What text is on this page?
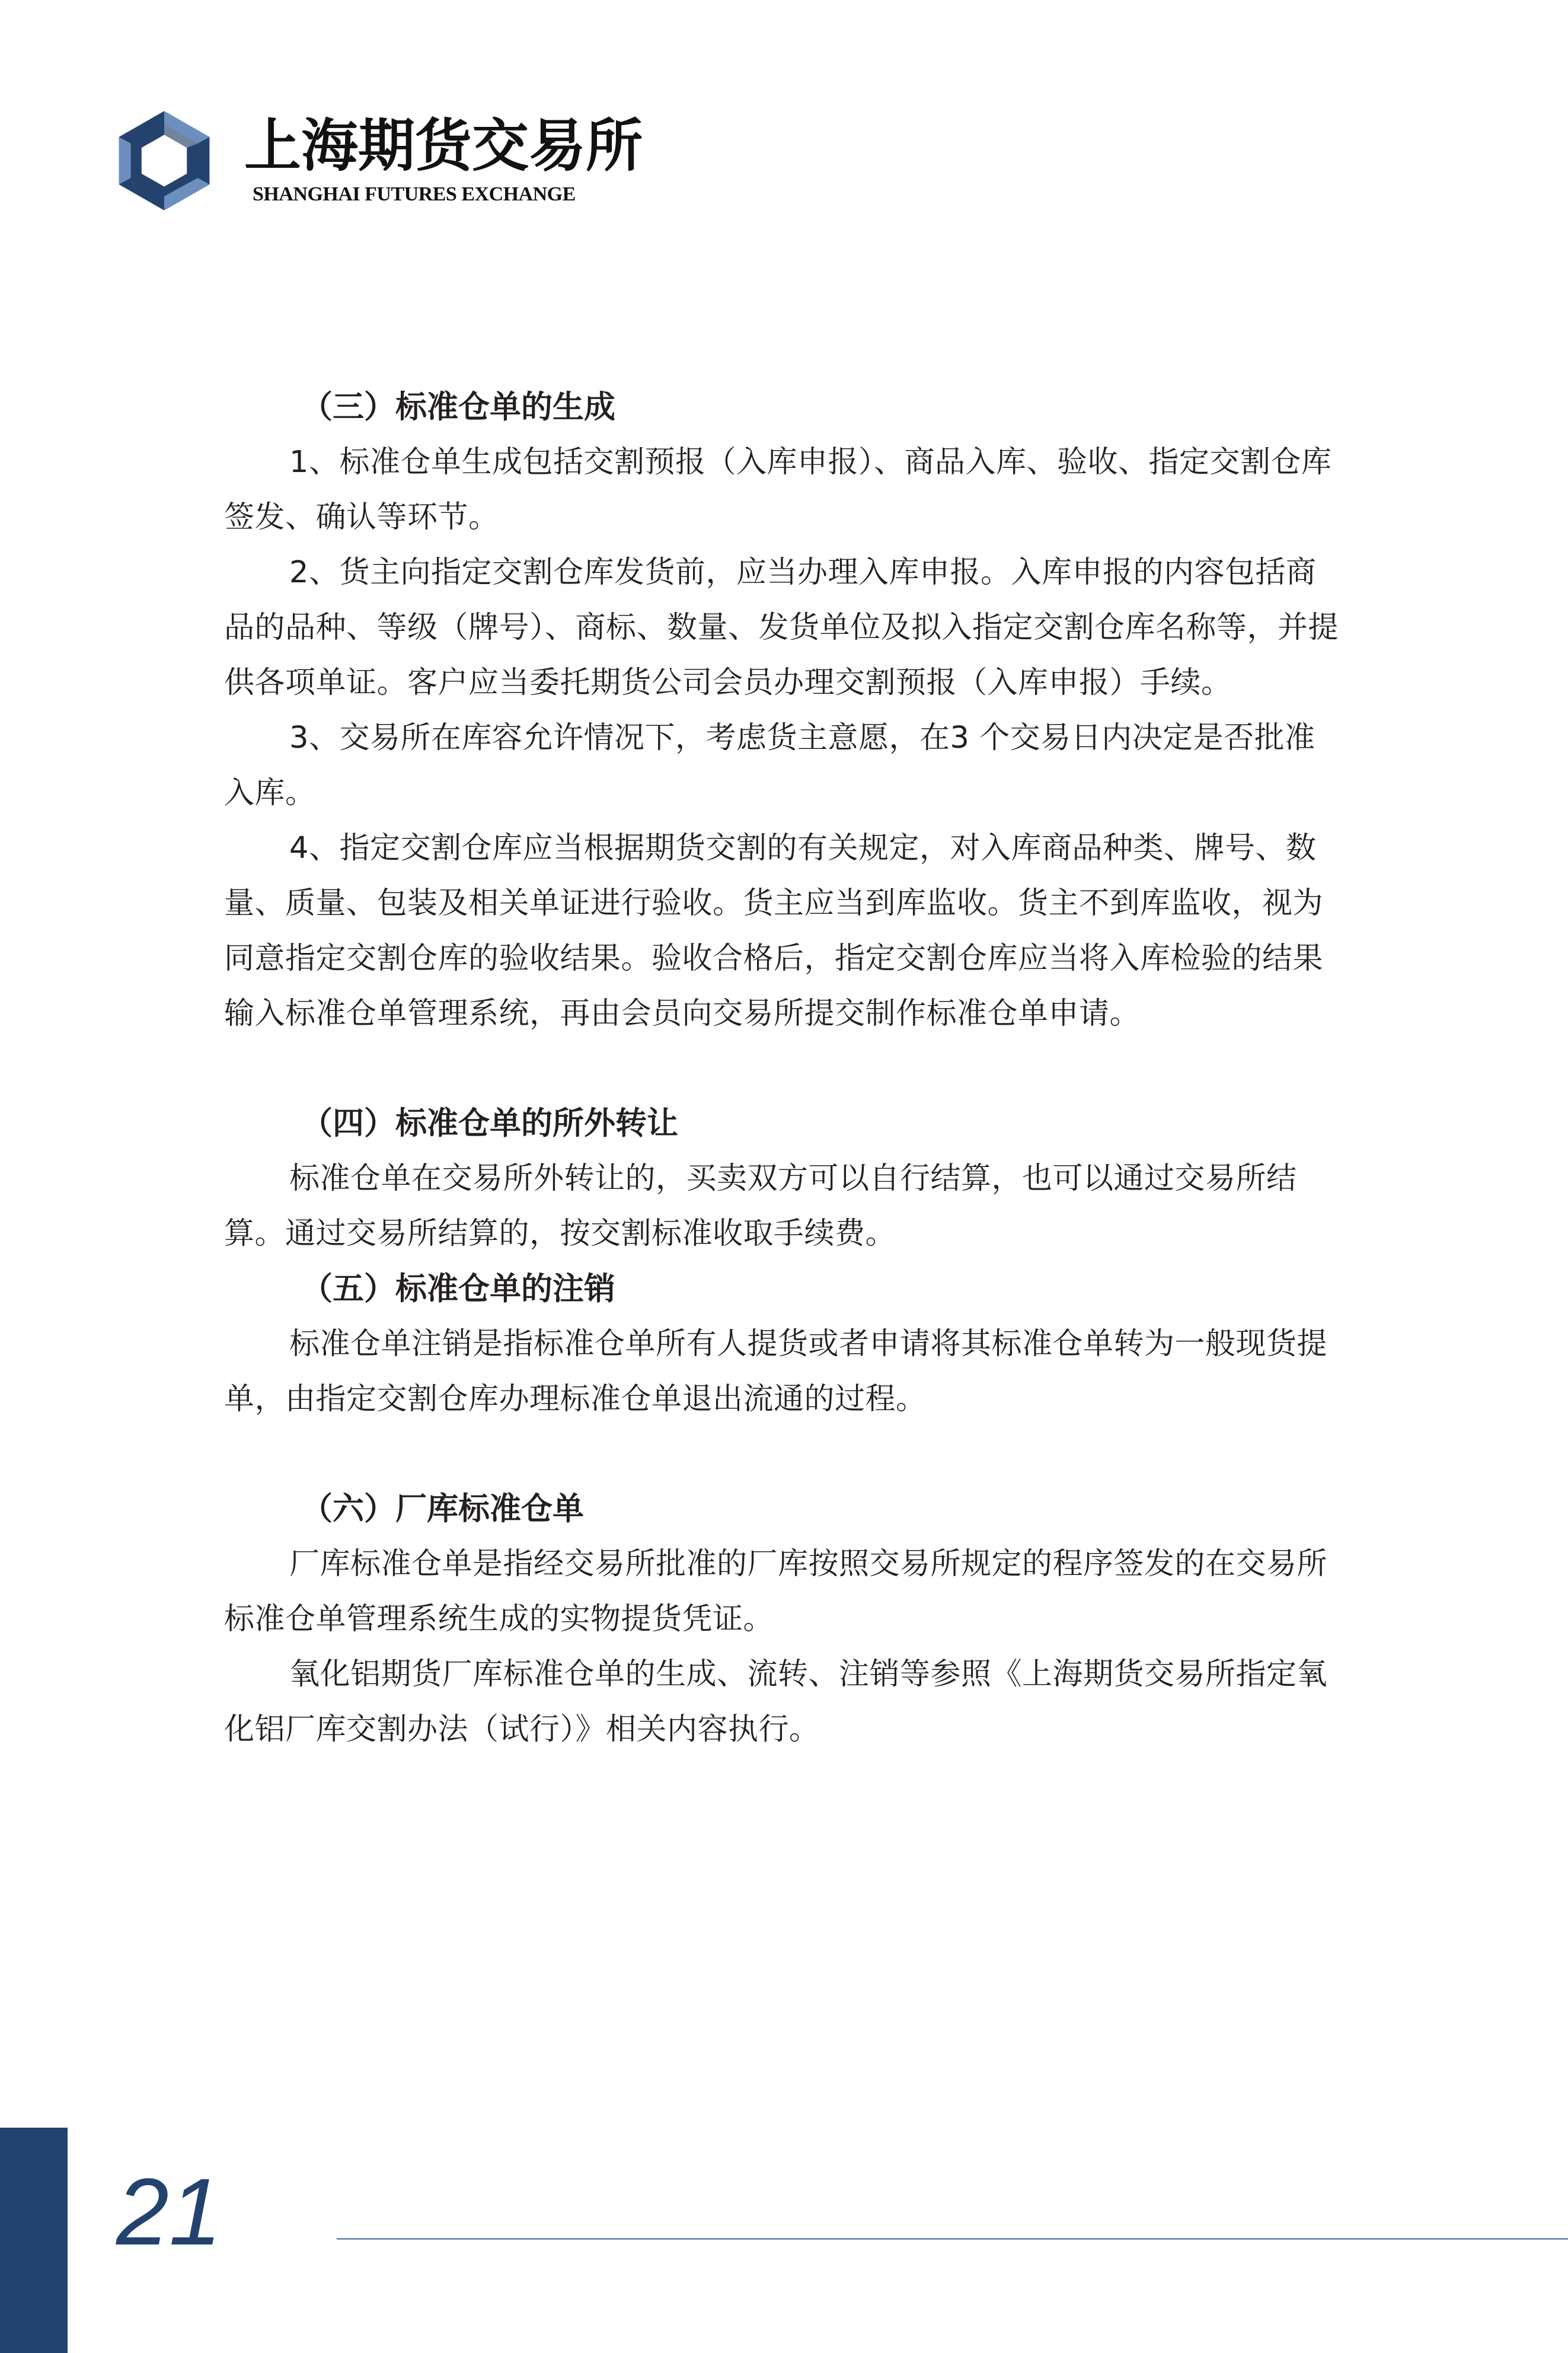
上海期货交易所
SHANGHAI FUTURES EXCHANGE
（三）标准仓单的生成

1、标准仓单生成包括交割预报（入库申报）、商品入库、验收、指定交割仓库签发、确认等环节。

2、货主向指定交割仓库发货前，应当办理入库申报。入库申报的内容包括商品的品种、等级（牌号）、商标、数量、发货单位及拟入指定交割仓库名称等，并提供各项单证。客户应当委托期货公司会员办理交割预报（入库申报）手续。

3、交易所在库容允许情况下，考虑货主意愿，在3 个交易日内决定是否批准入库。

4、指定交割仓库应当根据期货交割的有关规定，对入库商品种类、牌号、数量、质量、包装及相关单证进行验收。货主应当到库监收。货主不到库监收，视为同意指定交割仓库的验收结果。验收合格后，指定交割仓库应当将入库检验的结果输入标准仓单管理系统，再由会员向交易所提交制作标准仓单申请。

（四）标准仓单的所外转让

标准仓单在交易所外转让的，买卖双方可以自行结算，也可以通过交易所结算。通过交易所结算的，按交割标准收取手续费。

（五）标准仓单的注销

标准仓单注销是指标准仓单所有人提货或者申请将其标准仓单转为一般现货提单，由指定交割仓库办理标准仓单退出流通的过程。

（六）厂库标准仓单

厂库标准仓单是指经交易所批准的厂库按照交易所规定的程序签发的在交易所标准仓单管理系统生成的实物提货凭证。

氧化铝期货厂库标准仓单的生成、流转、注销等参照《上海期货交易所指定氧化铝厂库交割办法（试行）》相关内容执行。

21
